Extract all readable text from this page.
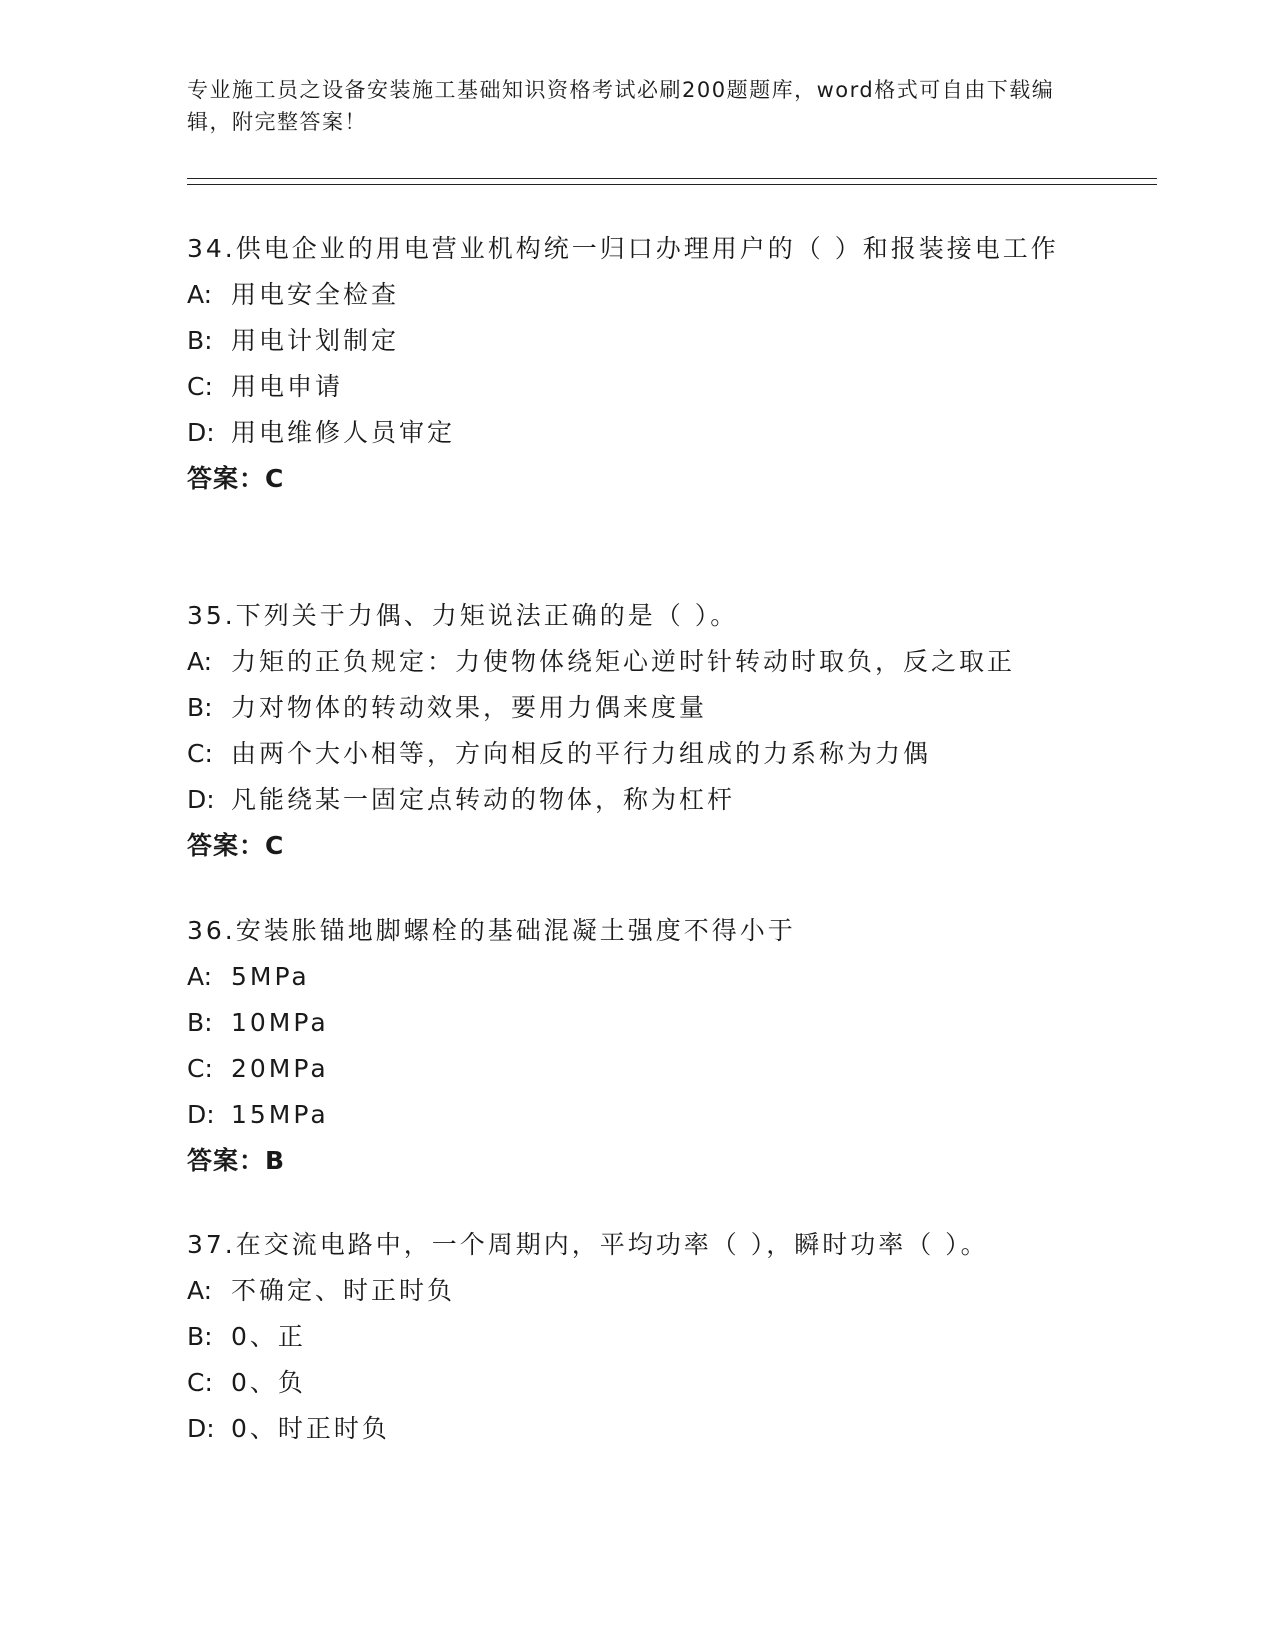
专业施工员之设备安装施工基础知识资格考试必刷200题题库，word格式可自由下载编辑，附完整答案！

34.供电企业的用电营业机构统一归口办理用户的（ ）和报装接电工作

A: 用电安全检查

B: 用电计划制定

C: 用电申请

D: 用电维修人员审定

答案：C

35.下列关于力偶、力矩说法正确的是（ ）。

A: 力矩的正负规定：力使物体绕矩心逆时针转动时取负，反之取正

B: 力对物体的转动效果，要用力偶来度量

C: 由两个大小相等，方向相反的平行力组成的力系称为力偶

D: 凡能绕某一固定点转动的物体，称为杠杆

答案：C

36.安装胀锚地脚螺栓的基础混凝土强度不得小于

A: 5MPa

B: 10MPa

C: 20MPa

D: 15MPa

答案：B

37.在交流电路中，一个周期内，平均功率（ ），瞬时功率（ ）。

A: 不确定、时正时负

B: 0、正

C: 0、负

D: 0、时正时负
